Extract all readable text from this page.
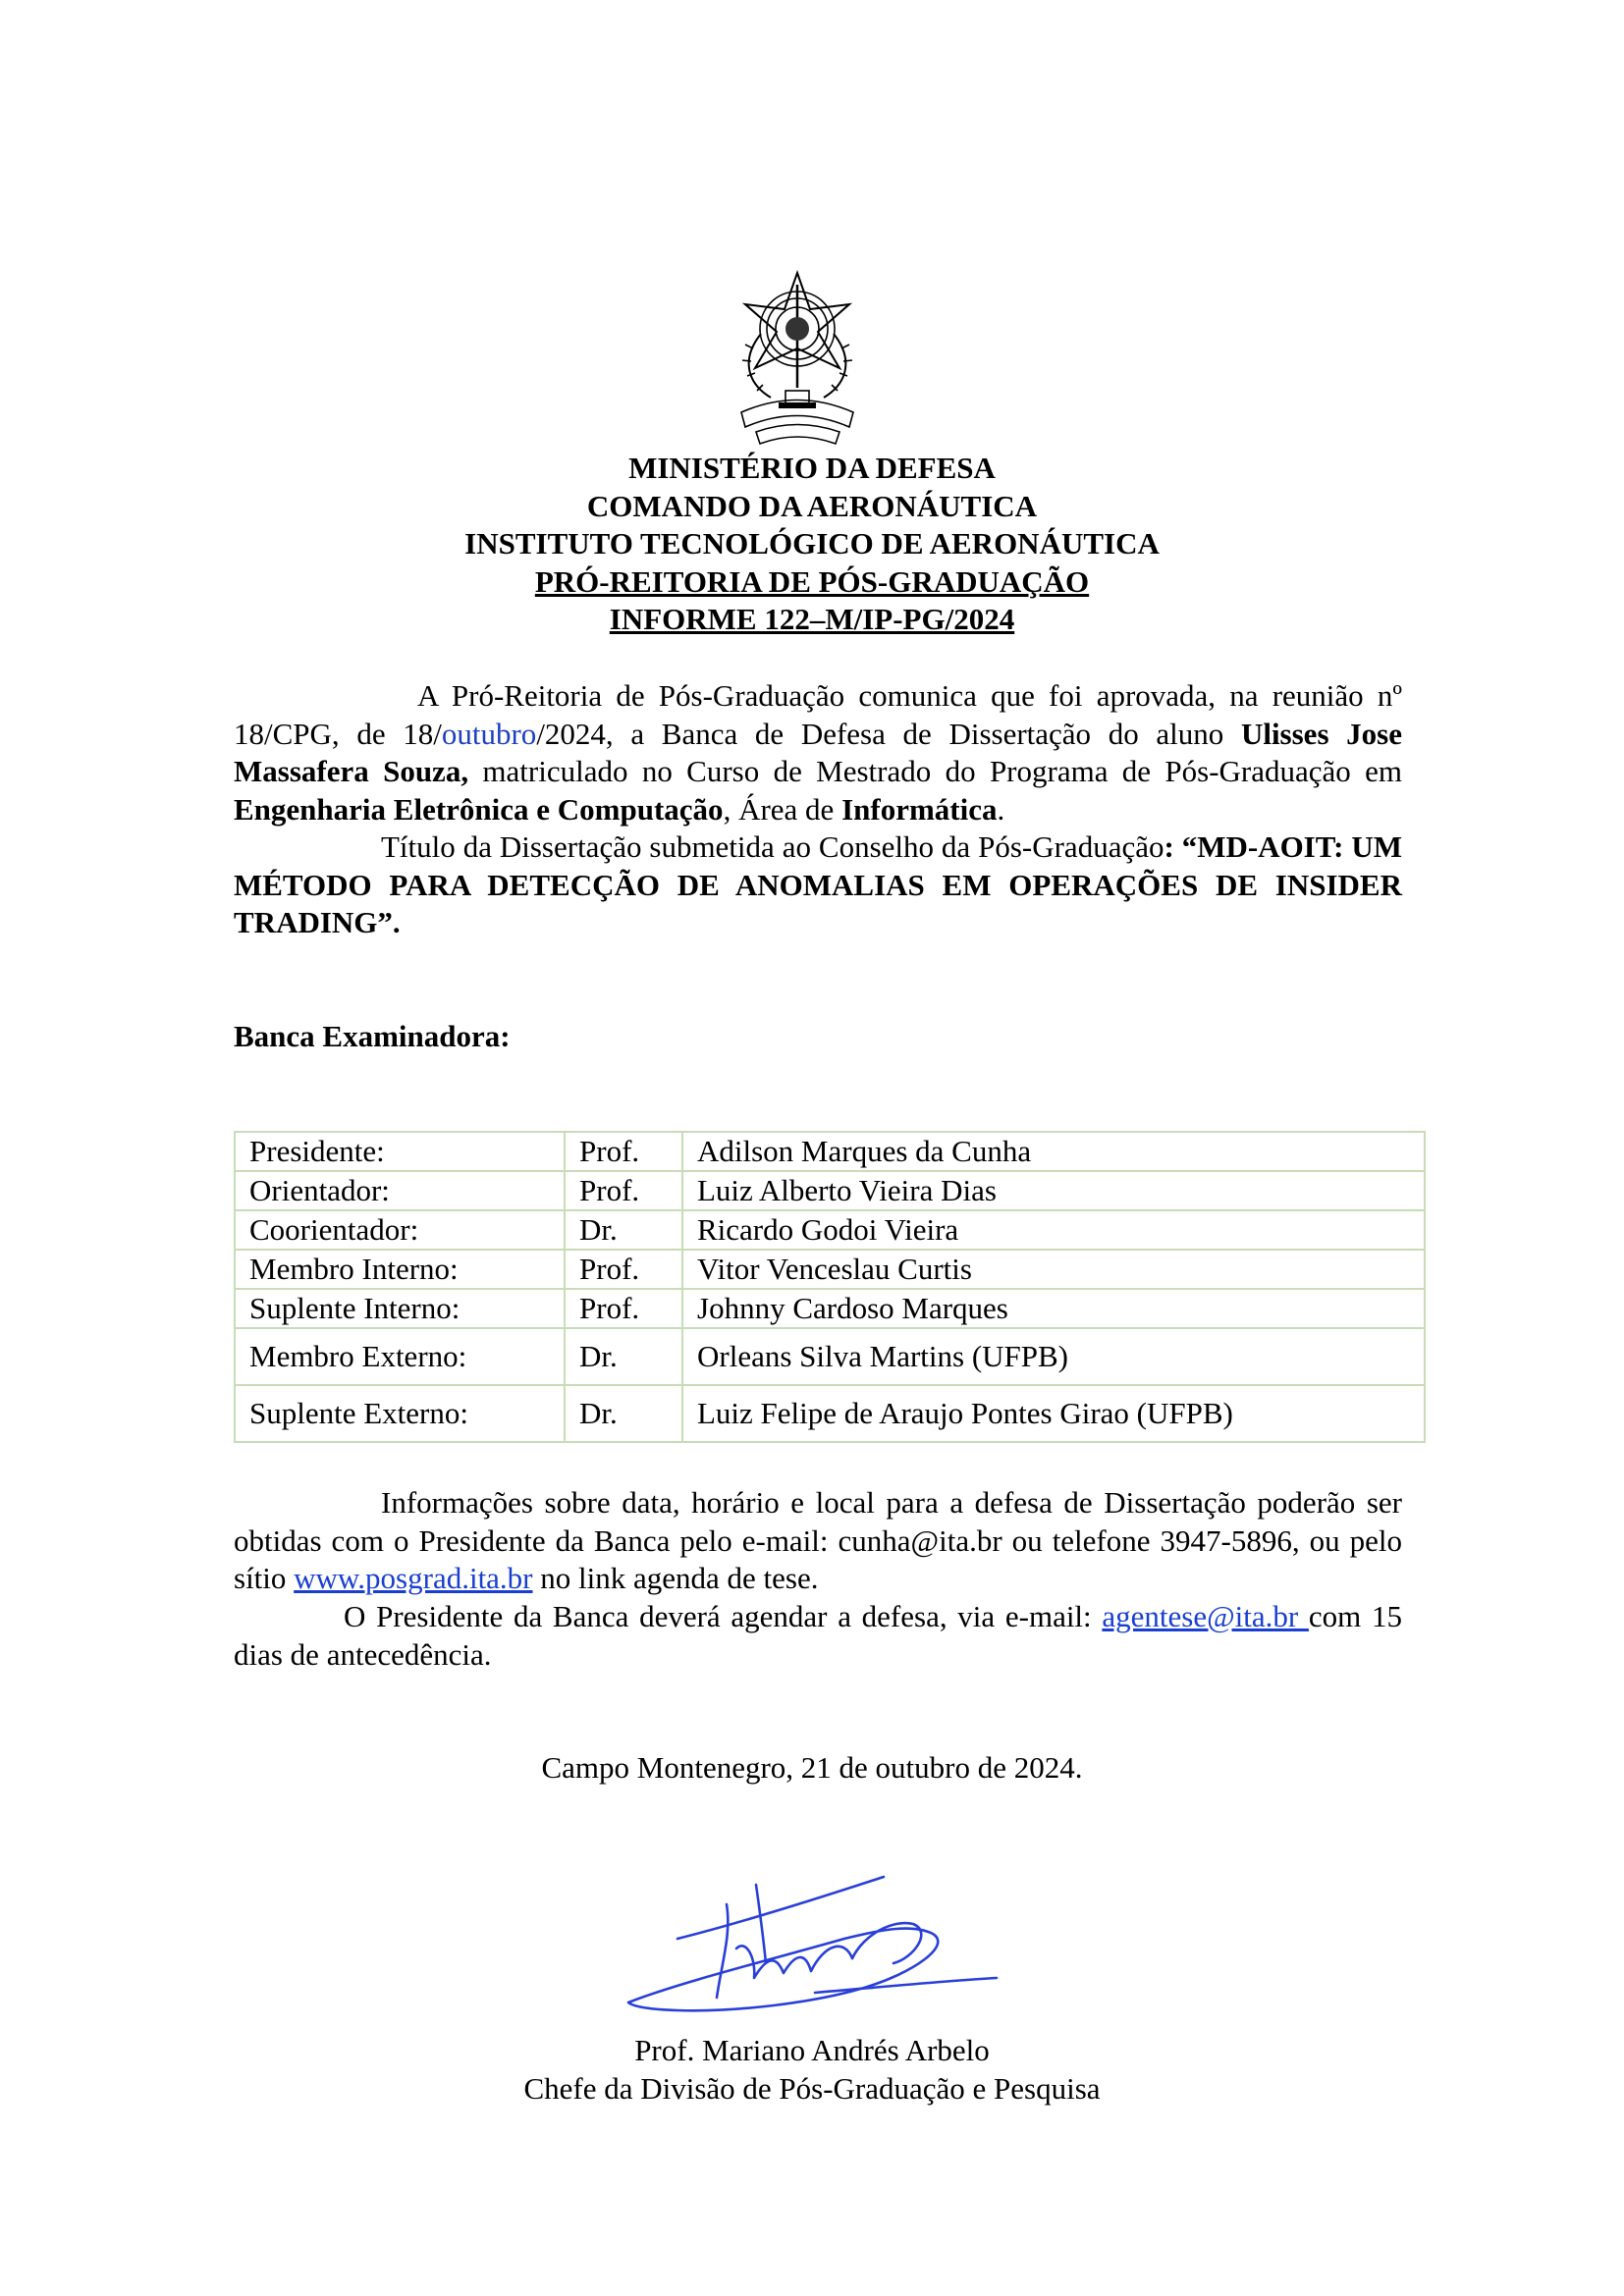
MINISTÉRIO DA DEFESA
COMANDO DA AERONÁUTICA
INSTITUTO TECNOLÓGICO DE AERONÁUTICA
PRÓ-REITORIA DE PÓS-GRADUAÇÃO
INFORME 122–M/IP-PG/2024
A Pró-Reitoria de Pós-Graduação comunica que foi aprovada, na reunião nº 18/CPG, de 18/outubro/2024, a Banca de Defesa de Dissertação do aluno Ulisses Jose Massafera Souza, matriculado no Curso de Mestrado do Programa de Pós-Graduação em Engenharia Eletrônica e Computação, Área de Informática.
Título da Dissertação submetida ao Conselho da Pós-Graduação: “MD-AOIT: UM MÉTODO PARA DETECÇÃO DE ANOMALIAS EM OPERAÇÕES DE INSIDER TRADING”.
Banca Examinadora:
Presidente:	Prof.	Adilson Marques da Cunha
Orientador:	Prof.	Luiz Alberto Vieira Dias
Coorientador:	Dr.	Ricardo Godoi Vieira
Membro Interno:	Prof.	Vitor Venceslau Curtis
Suplente Interno:	Prof.	Johnny Cardoso Marques
Membro Externo:	Dr.	Orleans Silva Martins (UFPB)
Suplente Externo:	Dr.	Luiz Felipe de Araujo Pontes Girao (UFPB)
Informações sobre data, horário e local para a defesa de Dissertação poderão ser obtidas com o Presidente da Banca pelo e-mail: cunha@ita.br ou telefone 3947-5896, ou pelo sítio www.posgrad.ita.br no link agenda de tese.
O Presidente da Banca deverá agendar a defesa, via e-mail: agentese@ita.br com 15 dias de antecedência.
Campo Montenegro, 21 de outubro de 2024.
Prof. Mariano Andrés Arbelo
Chefe da Divisão de Pós-Graduação e Pesquisa
